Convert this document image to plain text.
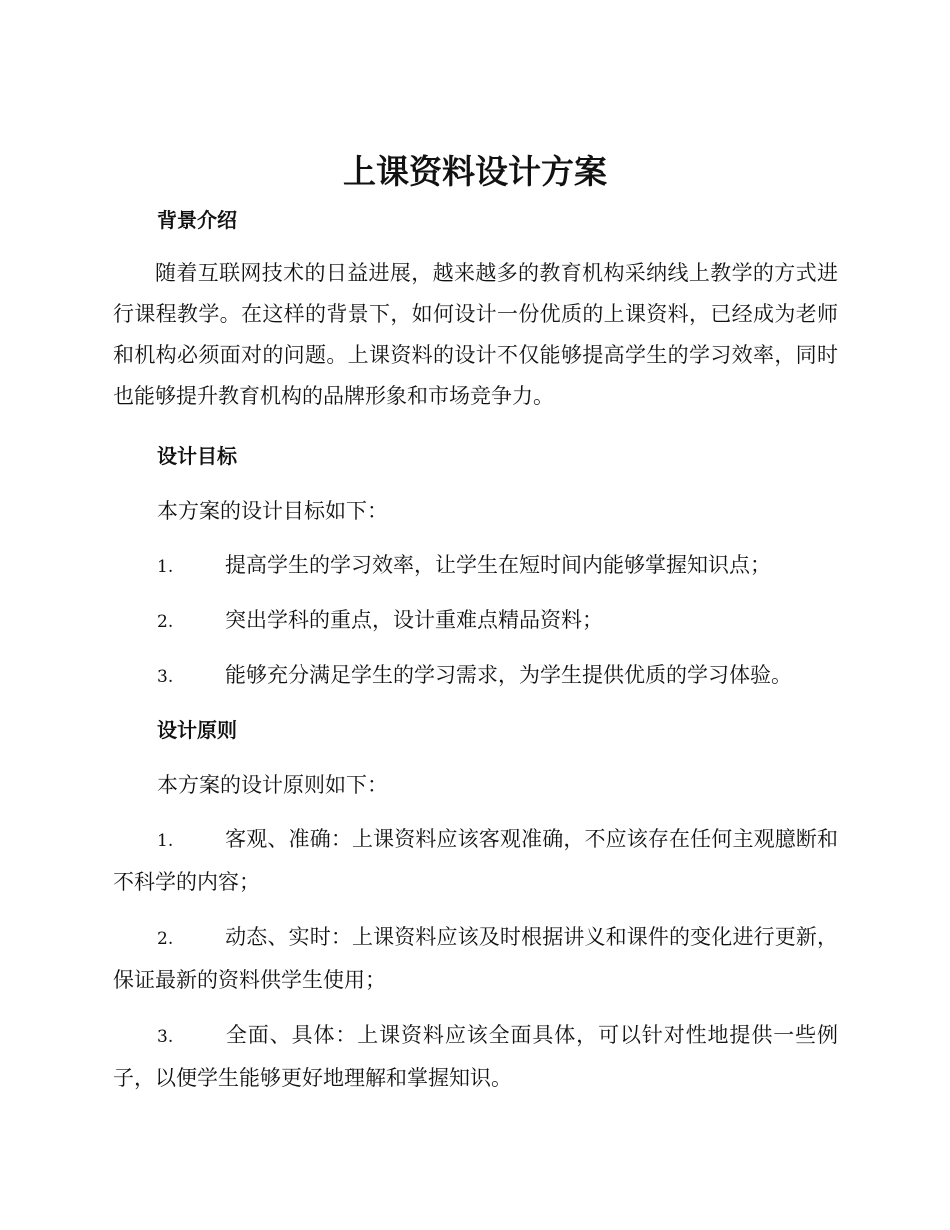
上课资料设计方案
背景介绍

随着互联网技术的日益进展，越来越多的教育机构采纳线上教学的方式进行课程教学。在这样的背景下，如何设计一份优质的上课资料，已经成为老师和机构必须面对的问题。上课资料的设计不仅能够提高学生的学习效率，同时也能够提升教育机构的品牌形象和市场竞争力。

设计目标

本方案的设计目标如下：

1. 提高学生的学习效率，让学生在短时间内能够掌握知识点；

2. 突出学科的重点，设计重难点精品资料；

3. 能够充分满足学生的学习需求，为学生提供优质的学习体验。

设计原则

本方案的设计原则如下：

1. 客观、准确：上课资料应该客观准确，不应该存在任何主观臆断和不科学的内容；

2. 动态、实时：上课资料应该及时根据讲义和课件的变化进行更新，保证最新的资料供学生使用；

3. 全面、具体：上课资料应该全面具体，可以针对性地提供一些例子，以便学生能够更好地理解和掌握知识。
